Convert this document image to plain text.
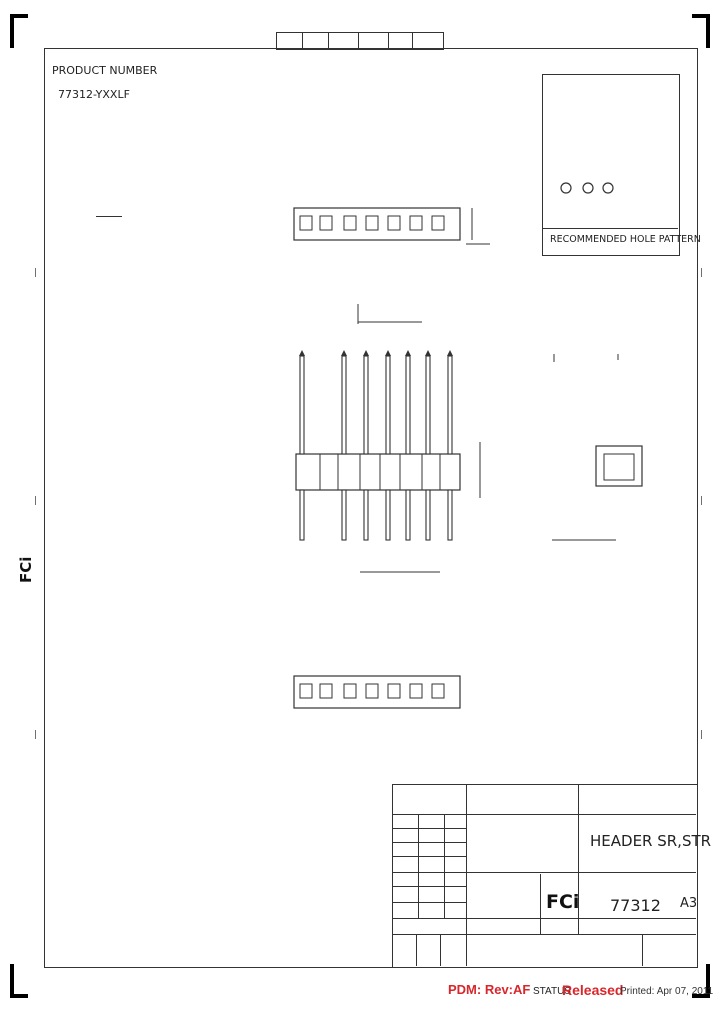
|
|
|
|
|
|
PRODUCT NUMBER
77312-YXXLF
RECOMMENDED HOLE PATTERN
FCi
HEADER SR,STR
77312 A3
FCi
PDM: Rev:AF STATUS
Released
Printed: Apr 07, 2011
